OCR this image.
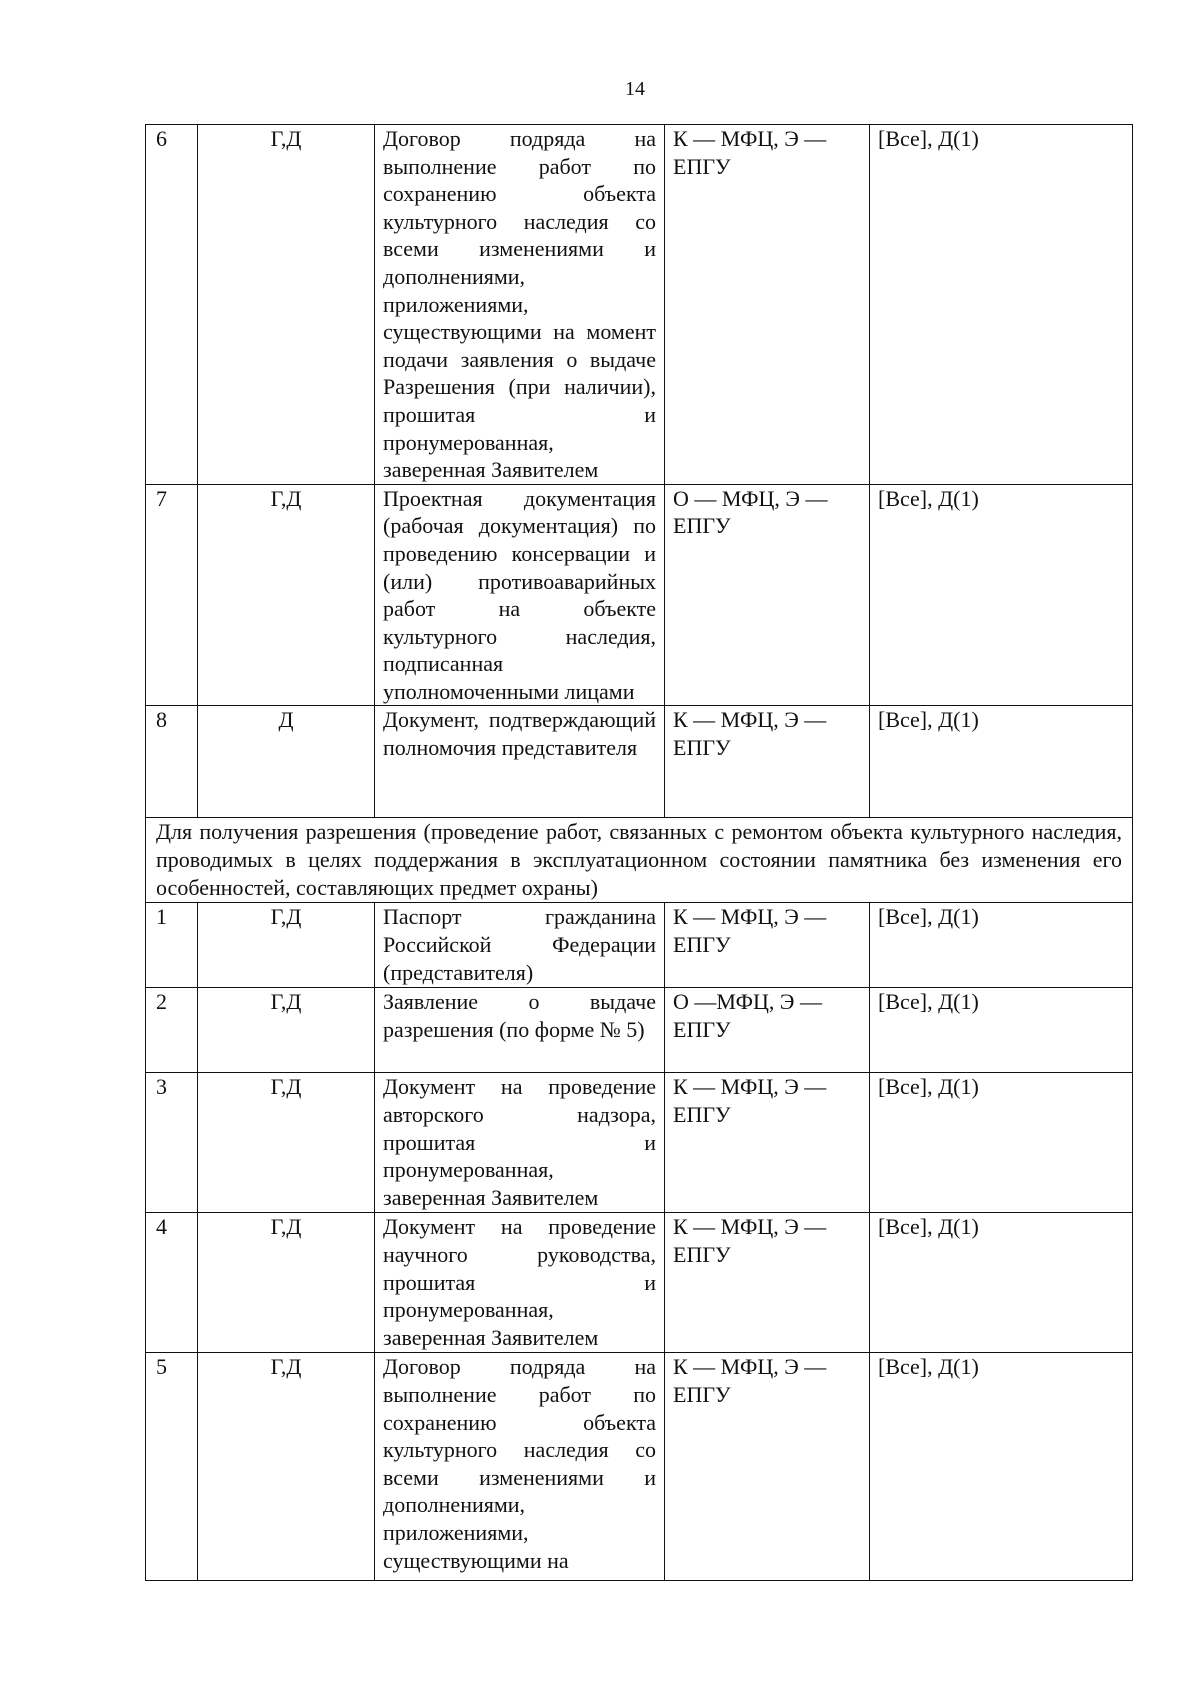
14
6	Г,Д	Договор подряда на выполнение работ по сохранению объекта культурного наследия со всеми изменениями и дополнениями, приложениями, существующими на момент подачи заявления о выдаче Разрешения (при наличии), прошитая и пронумерованная, заверенная Заявителем	К — МФЦ, Э — ЕПГУ	[Все], Д(1)
7	Г,Д	Проектная документация (рабочая документация) по проведению консервации и (или) противоаварийных работ на объекте культурного наследия, подписанная уполномоченными лицами	О — МФЦ, Э — ЕПГУ	[Все], Д(1)
8	Д	Документ, подтверждающий полномочия представителя	К — МФЦ, Э — ЕПГУ	[Все], Д(1)
Для получения разрешения (проведение работ, связанных с ремонтом объекта культурного наследия, проводимых в целях поддержания в эксплуатационном состоянии памятника без изменения его особенностей, составляющих предмет охраны)				
1	Г,Д	Паспорт гражданина Российской Федерации (представителя)	К — МФЦ, Э — ЕПГУ	[Все], Д(1)
2	Г,Д	Заявление о выдаче разрешения (по форме № 5)	О —МФЦ, Э — ЕПГУ	[Все], Д(1)
3	Г,Д	Документ на проведение авторского надзора, прошитая и пронумерованная, заверенная Заявителем	К — МФЦ, Э — ЕПГУ	[Все], Д(1)
4	Г,Д	Документ на проведение научного руководства, прошитая и пронумерованная, заверенная Заявителем	К — МФЦ, Э — ЕПГУ	[Все], Д(1)
5	Г,Д	Договор подряда на выполнение работ по сохранению объекта культурного наследия со всеми изменениями и дополнениями, приложениями, существующими на	К — МФЦ, Э — ЕПГУ	[Все], Д(1)
